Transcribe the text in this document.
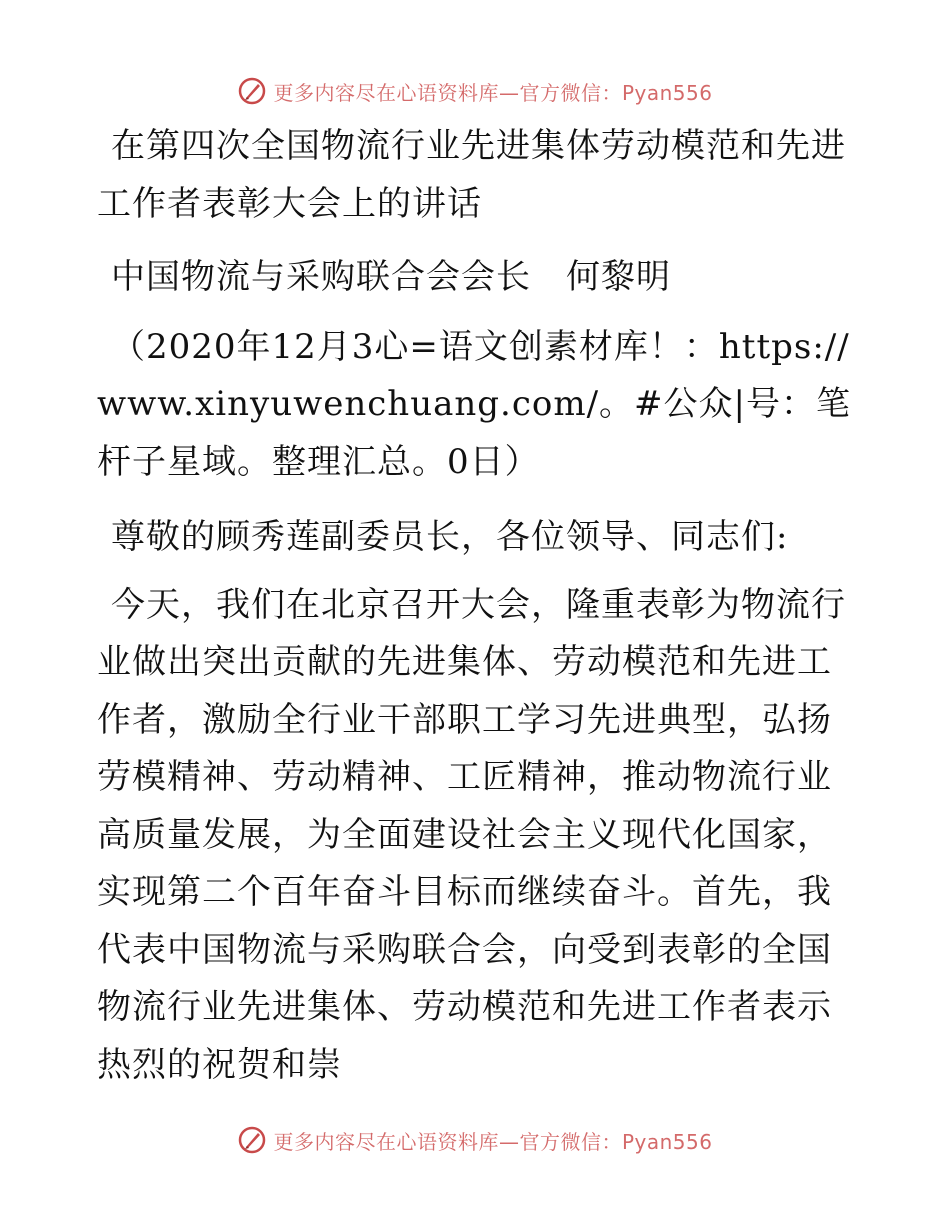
更多内容尽在心语资料库—官方微信：Pyan556

在第四次全国物流行业先进集体劳动模范和先进工作者表彰大会上的讲话

中国物流与采购联合会会长　何黎明

（2020年12月3心=语文创素材库！：https://www.xinyuwenchuang.com/。#公众|号：笔杆子星域。整理汇总。0日）

尊敬的顾秀莲副委员长，各位领导、同志们:

今天，我们在北京召开大会，隆重表彰为物流行业做出突出贡献的先进集体、劳动模范和先进工作者，激励全行业干部职工学习先进典型，弘扬劳模精神、劳动精神、工匠精神，推动物流行业高质量发展，为全面建设社会主义现代化国家，实现第二个百年奋斗目标而继续奋斗。首先，我代表中国物流与采购联合会，向受到表彰的全国物流行业先进集体、劳动模范和先进工作者表示热烈的祝贺和崇

更多内容尽在心语资料库—官方微信：Pyan556
